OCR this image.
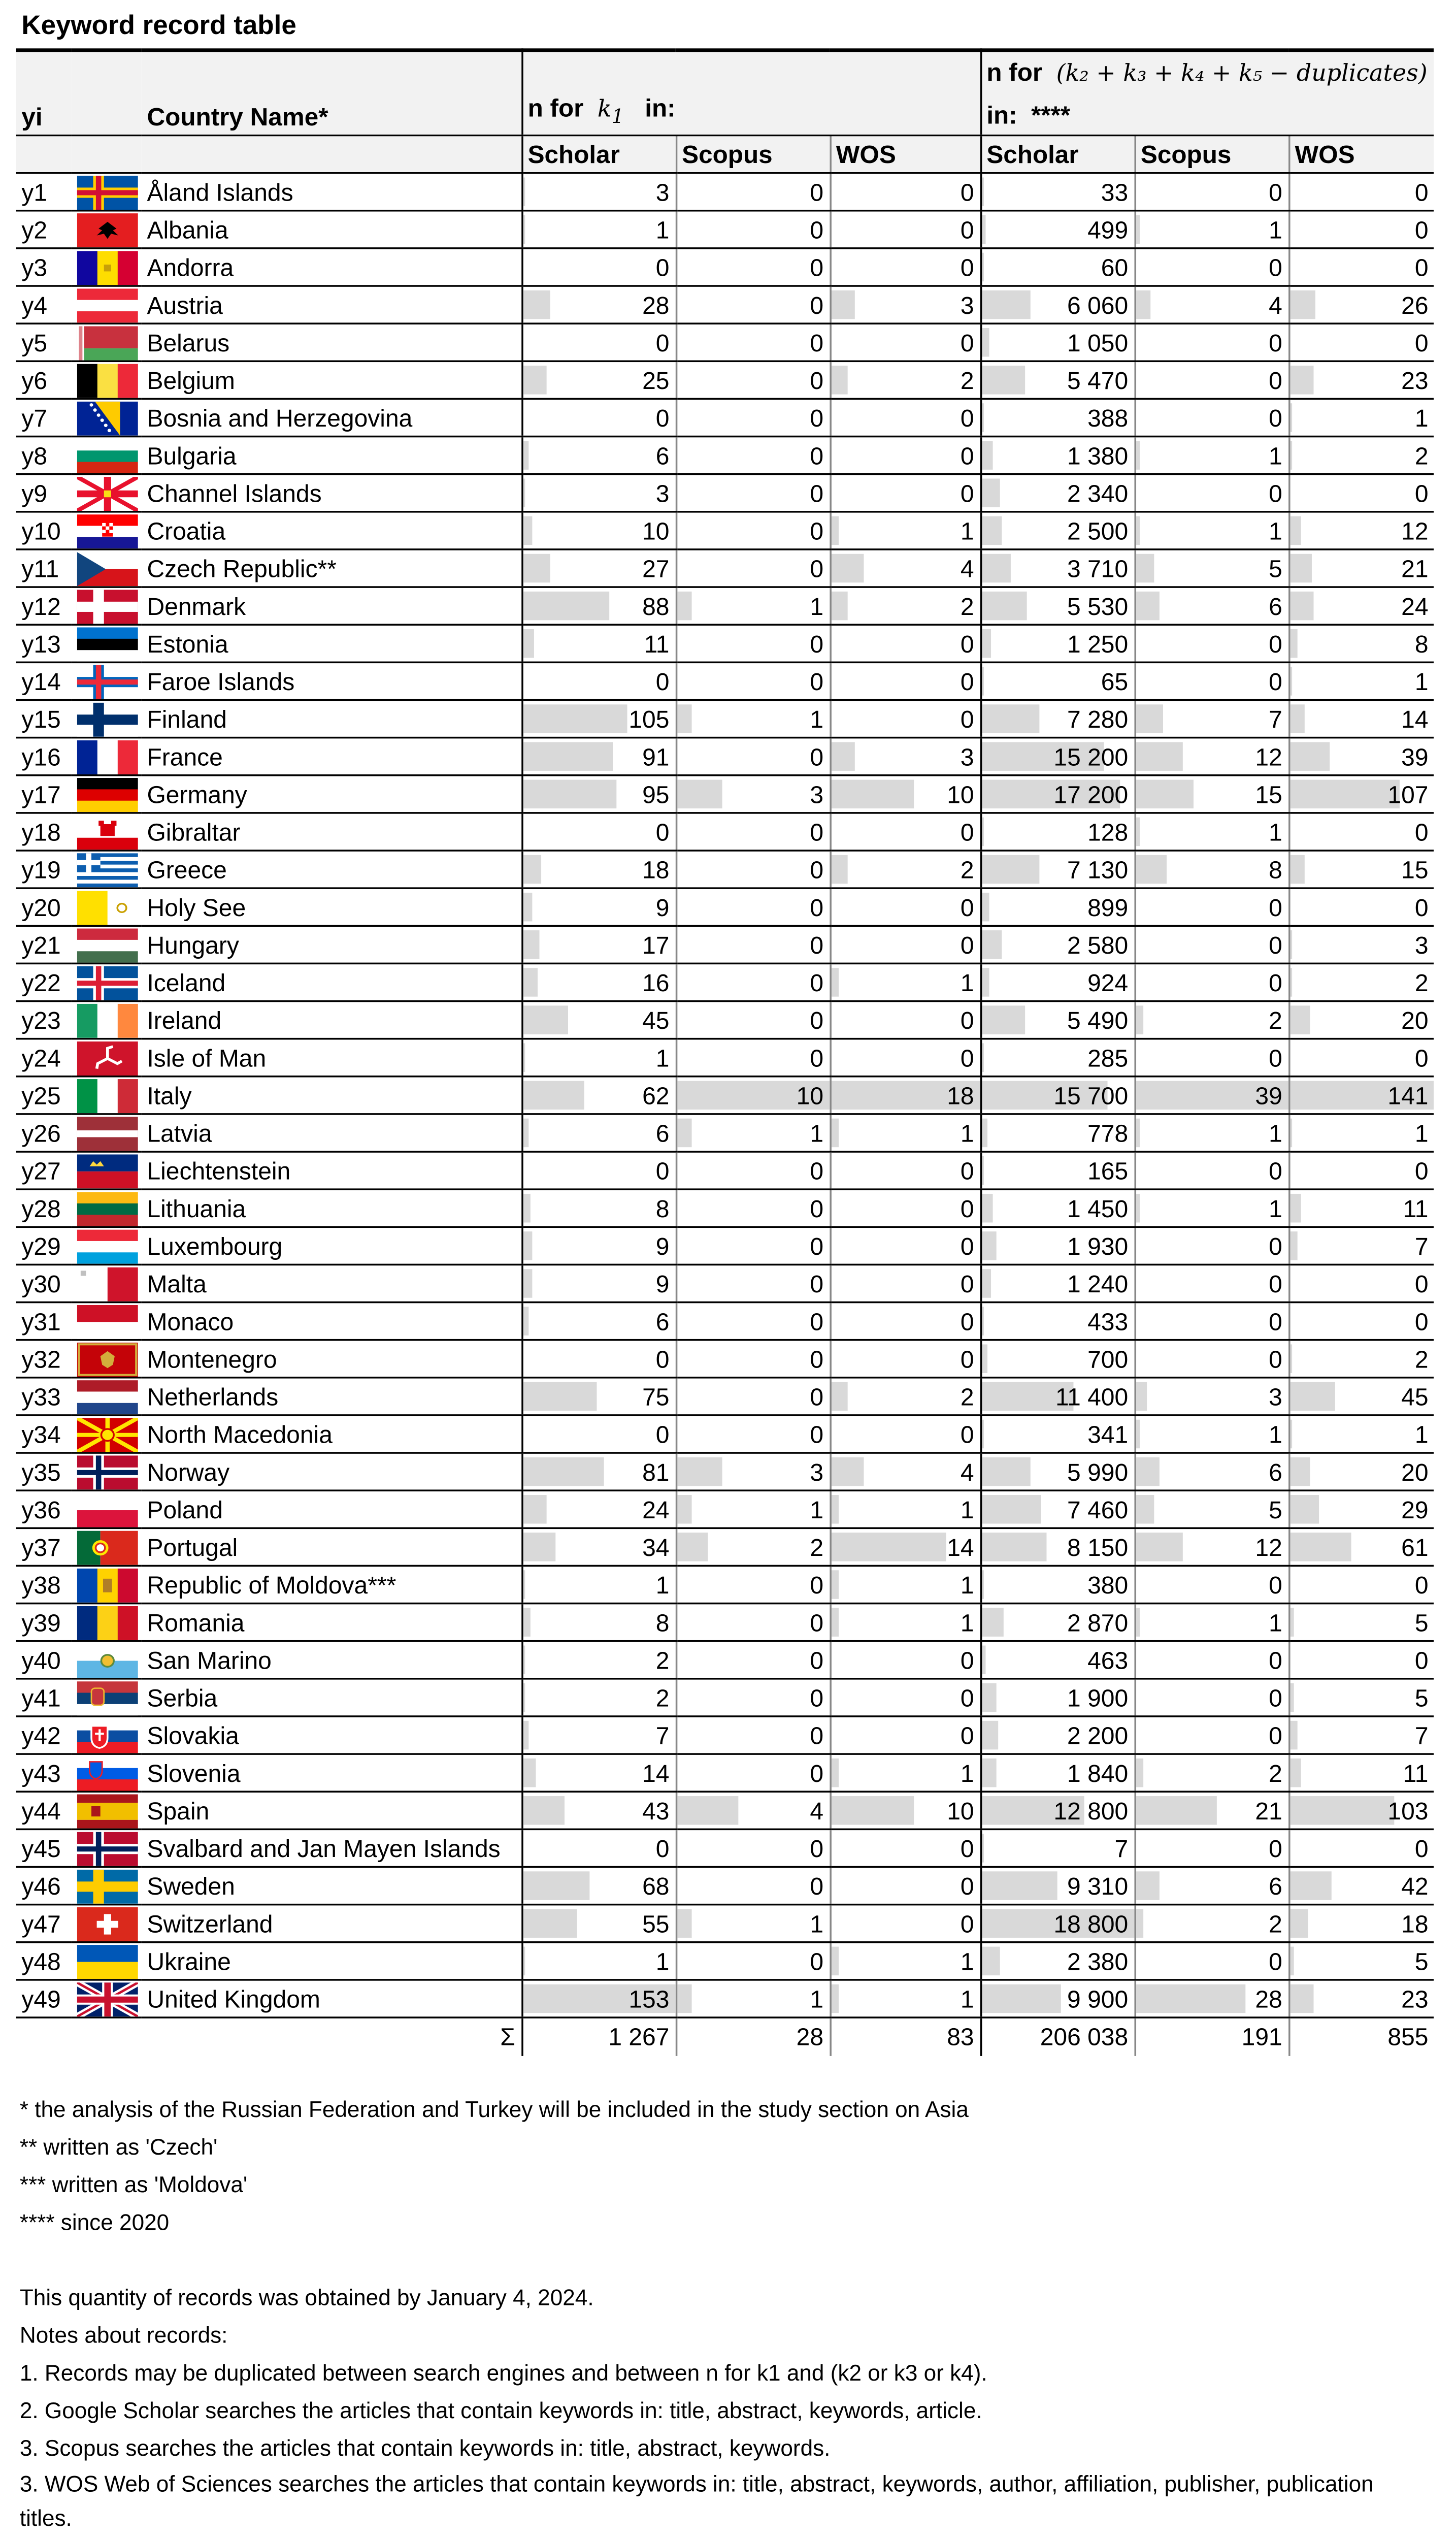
Keyword record table
yi		Country Name*	n for $k_1$ in:			n for (k₂ + k₃ + k₄ + k₅ − duplicates)
in: ****		

			Scholar	Scopus	WOS	Scholar	Scopus	WOS
y1		Åland Islands	3	0	0	33	0	0
y2		Albania	1	0	0	499	1	0
y3		Andorra	0	0	0	60	0	0
y4		Austria	28	0	3	6 060	4	26
y5		Belarus	0	0	0	1 050	0	0
y6		Belgium	25	0	2	5 470	0	23
y7		Bosnia and Herzegovina	0	0	0	388	0	1
y8		Bulgaria	6	0	0	1 380	1	2
y9		Channel Islands	3	0	0	2 340	0	0
y10		Croatia	10	0	1	2 500	1	12
y11		Czech Republic**	27	0	4	3 710	5	21
y12		Denmark	88	1	2	5 530	6	24
y13		Estonia	11	0	0	1 250	0	8
y14		Faroe Islands	0	0	0	65	0	1
y15		Finland	105	1	0	7 280	7	14
y16		France	91	0	3	15 200	12	39
y17		Germany	95	3	10	17 200	15	107
y18		Gibraltar	0	0	0	128	1	0
y19		Greece	18	0	2	7 130	8	15
y20		Holy See	9	0	0	899	0	0
y21		Hungary	17	0	0	2 580	0	3
y22		Iceland	16	0	1	924	0	2
y23		Ireland	45	0	0	5 490	2	20
y24		Isle of Man	1	0	0	285	0	0
y25		Italy	62	10	18	15 700	39	141
y26		Latvia	6	1	1	778	1	1
y27		Liechtenstein	0	0	0	165	0	0
y28		Lithuania	8	0	0	1 450	1	11
y29		Luxembourg	9	0	0	1 930	0	7
y30		Malta	9	0	0	1 240	0	0
y31		Monaco	6	0	0	433	0	0
y32		Montenegro	0	0	0	700	0	2
y33		Netherlands	75	0	2	11 400	3	45
y34		North Macedonia	0	0	0	341	1	1
y35		Norway	81	3	4	5 990	6	20
y36		Poland	24	1	1	7 460	5	29
y37		Portugal	34	2	14	8 150	12	61
y38		Republic of Moldova***	1	0	1	380	0	0
y39		Romania	8	0	1	2 870	1	5
y40		San Marino	2	0	0	463	0	0
y41		Serbia	2	0	0	1 900	0	5
y42		Slovakia	7	0	0	2 200	0	7
y43		Slovenia	14	0	1	1 840	2	11
y44		Spain	43	4	10	12 800	21	103
y45		Svalbard and Jan Mayen Islands	0	0	0	7	0	0
y46		Sweden	68	0	0	9 310	6	42
y47		Switzerland	55	1	0	18 800	2	18
y48		Ukraine	1	0	1	2 380	0	5
y49		United Kingdom	153	1	1	9 900	28	23
		Σ	1 267	28	83	206 038	191	855
* the analysis of the Russian Federation and Turkey will be included in the study section on Asia
** written as 'Czech'
*** written as 'Moldova'
**** since 2020
This quantity of records was obtained by January 4, 2024.
Notes about records:
1. Records may be duplicated between search engines and between n for k1 and (k2 or k3 or k4).
2. Google Scholar searches the articles that contain keywords in: title, abstract, keywords, article.
3. Scopus searches the articles that contain keywords in: title, abstract, keywords.
3. WOS Web of Sciences searches the articles that contain keywords in: title, abstract, keywords, author, affiliation, publisher, publication titles.
